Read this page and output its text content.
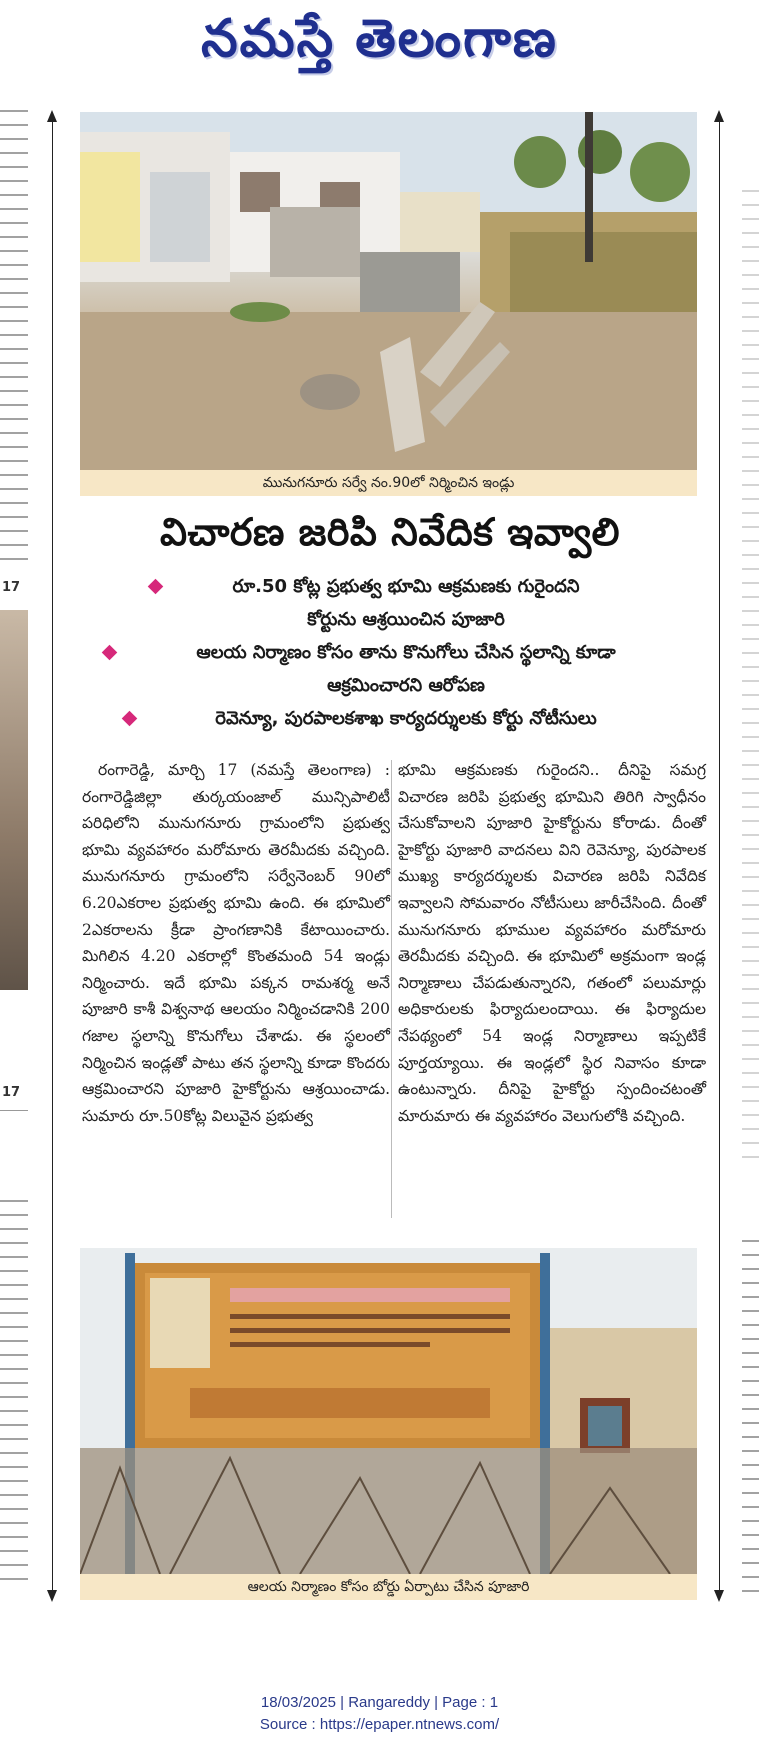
నమస్తే తెలంగాణ
17
17
మునుగనూరు సర్వే నం.90లో నిర్మించిన ఇండ్లు
విచారణ జరిపి నివేదిక ఇవ్వాలి
రూ.50 కోట్ల ప్రభుత్వ భూమి ఆక్రమణకు గురైందని
కోర్టును ఆశ్రయించిన పూజారి
ఆలయ నిర్మాణం కోసం తాను కొనుగోలు చేసిన స్థలాన్ని కూడా
ఆక్రమించారని ఆరోపణ
రెవెన్యూ, పురపాలకశాఖ కార్యదర్శులకు కోర్టు నోటీసులు
రంగారెడ్డి, మార్చి 17 (నమస్తే తెలంగాణ) : రంగారెడ్డిజిల్లా తుర్కయంజాల్ మున్సిపాలిటీ పరిధిలోని మునుగనూరు గ్రామంలోని ప్రభుత్వ భూమి వ్యవహారం మరోమారు తెరమీదకు వచ్చింది. మునుగనూరు గ్రామంలోని సర్వేనెంబర్ 90లో 6.20ఎకరాల ప్రభుత్వ భూమి ఉంది. ఈ భూమిలో 2ఎకరాలను క్రీడా ప్రాంగణానికి కేటాయించారు. మిగిలిన 4.20 ఎకరాల్లో కొంతమంది 54 ఇండ్లు నిర్మించారు. ఇదే భూమి పక్కన రామశర్మ అనే పూజారి కాశీ విశ్వనాథ ఆలయం నిర్మించడానికి 200 గజాల స్థలాన్ని కొనుగోలు చేశాడు. ఈ స్థలంలో నిర్మించిన ఇండ్లతో పాటు తన స్థలాన్ని కూడా కొందరు ఆక్రమించారని పూజారి హైకోర్టును ఆశ్రయించాడు. సుమారు రూ.50కోట్ల విలువైన ప్రభుత్వ
భూమి ఆక్రమణకు గురైందని.. దీనిపై సమగ్ర విచారణ జరిపి ప్రభుత్వ భూమిని తిరిగి స్వాధీనం చేసుకోవాలని పూజారి హైకోర్టును కోరాడు. దీంతో హైకోర్టు పూజారి వాదనలు విని రెవెన్యూ, పురపాలక ముఖ్య కార్యదర్శులకు విచారణ జరిపి నివేదిక ఇవ్వాలని సోమవారం నోటీసులు జారీచేసింది. దీంతో మునుగనూరు భూముల వ్యవహారం మరోమారు తెరమీదకు వచ్చింది. ఈ భూమిలో అక్రమంగా ఇండ్ల నిర్మాణాలు చేపడుతున్నారని, గతంలో పలుమార్లు అధికారులకు ఫిర్యాదులందాయి. ఈ ఫిర్యాదుల నేపథ్యంలో 54 ఇండ్ల నిర్మాణాలు ఇప్పటికే పూర్తయ్యాయి. ఈ ఇండ్లలో స్థిర నివాసం కూడా ఉంటున్నారు. దీనిపై హైకోర్టు స్పందించటంతో మారుమారు ఈ వ్యవహారం వెలుగులోకి వచ్చింది.
ఆలయ నిర్మాణం కోసం బోర్డు ఏర్పాటు చేసిన పూజారి
18/03/2025 | Rangareddy | Page : 1
Source : https://epaper.ntnews.com/
